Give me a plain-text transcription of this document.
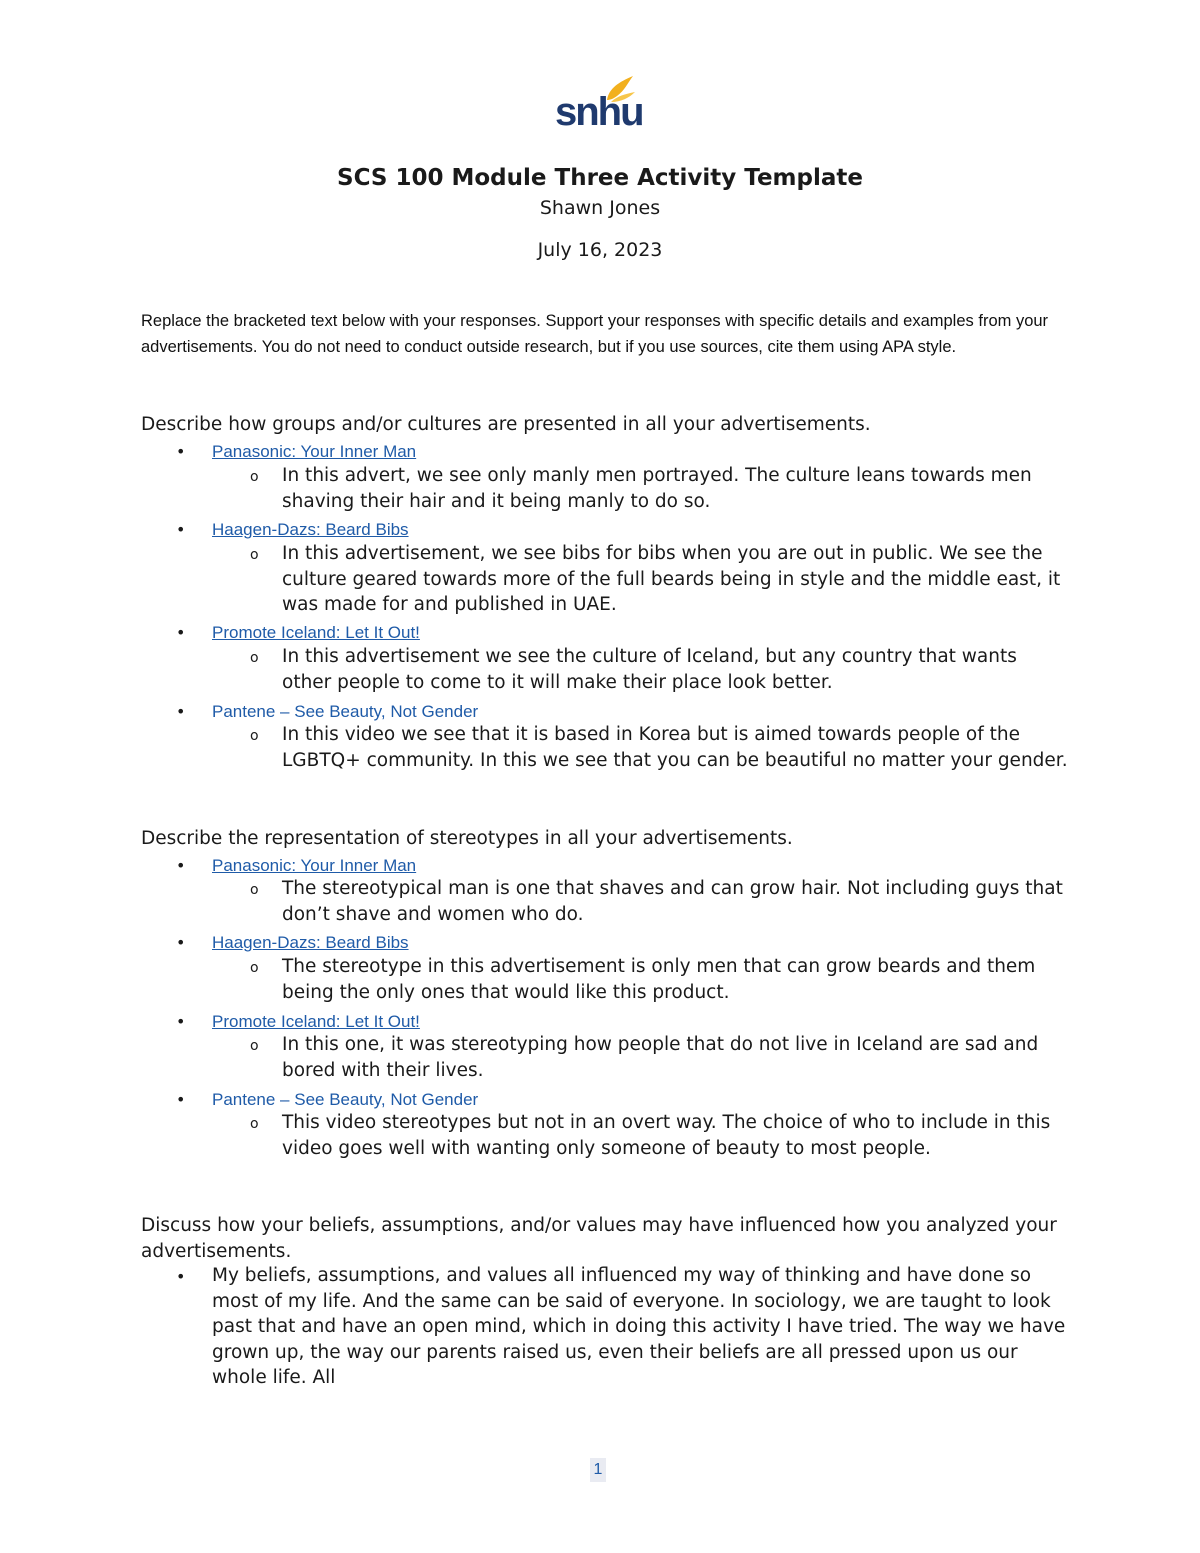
snhu
SCS 100 Module Three Activity Template
Shawn Jones
July 16, 2023
Replace the bracketed text below with your responses. Support your responses with specific details and examples from your advertisements. You do not need to conduct outside research, but if you use sources, cite them using APA style.

Describe how groups and/or cultures are presented in all your advertisements.

• Panasonic: Your Inner Man
o In this advert, we see only manly men portrayed. The culture leans towards men shaving their hair and it being manly to do so.

• Haagen-Dazs: Beard Bibs
o In this advertisement, we see bibs for bibs when you are out in public. We see the culture geared towards more of the full beards being in style and the middle east, it was made for and published in UAE.

• Promote Iceland: Let It Out!
o In this advertisement we see the culture of Iceland, but any country that wants other people to come to it will make their place look better.

• Pantene – See Beauty, Not Gender
o In this video we see that it is based in Korea but is aimed towards people of the LGBTQ+ community. In this we see that you can be beautiful no matter your gender.

Describe the representation of stereotypes in all your advertisements.

• Panasonic: Your Inner Man
o The stereotypical man is one that shaves and can grow hair. Not including guys that don’t shave and women who do.

• Haagen-Dazs: Beard Bibs
o The stereotype in this advertisement is only men that can grow beards and them being the only ones that would like this product.

• Promote Iceland: Let It Out!
o In this one, it was stereotyping how people that do not live in Iceland are sad and bored with their lives.

• Pantene – See Beauty, Not Gender
o This video stereotypes but not in an overt way. The choice of who to include in this video goes well with wanting only someone of beauty to most people.

Discuss how your beliefs, assumptions, and/or values may have influenced how you analyzed your advertisements.

• My beliefs, assumptions, and values all influenced my way of thinking and have done so most of my life. And the same can be said of everyone. In sociology, we are taught to look past that and have an open mind, which in doing this activity I have tried. The way we have grown up, the way our parents raised us, even their beliefs are all pressed upon us our whole life. All

1
